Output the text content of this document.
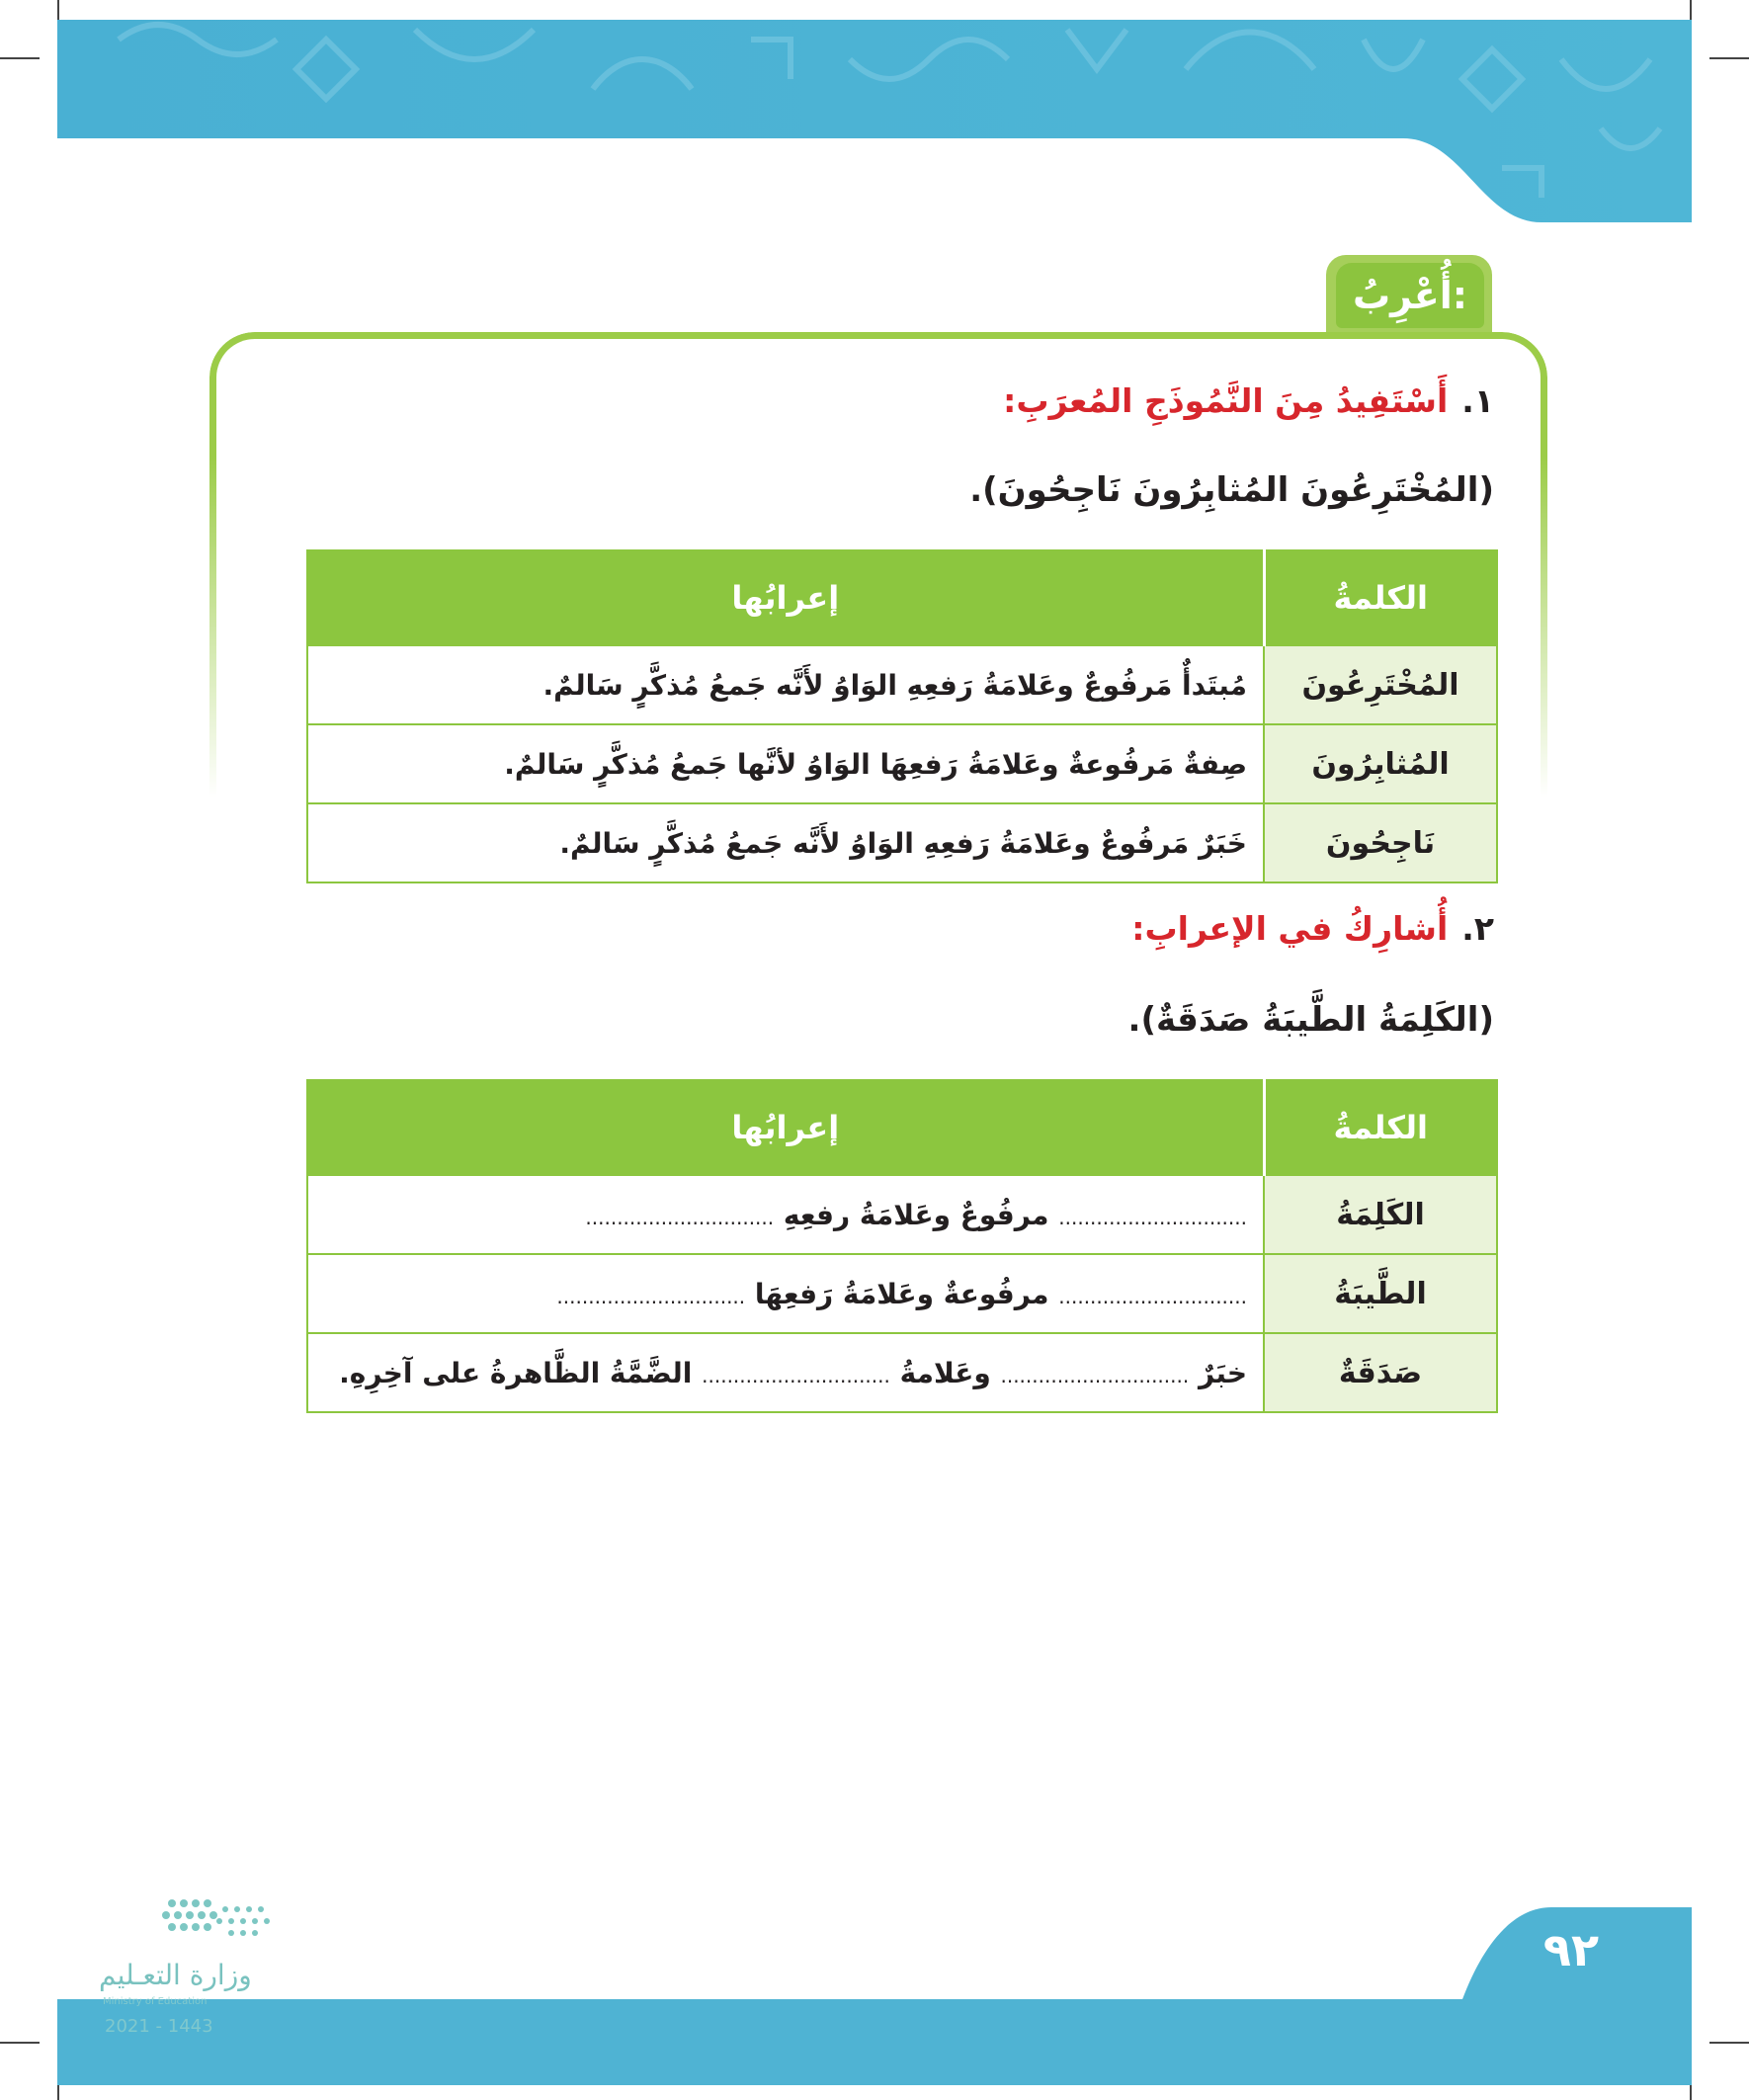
أُعْرِبُ:
١.أَسْتَفِيدُ مِنَ النَّمُوذَجِ المُعرَبِ:
(المُخْتَرِعُونَ المُثابِرُونَ نَاجِحُونَ).
الكلمةُ	إعرابُها
المُخْتَرِعُونَ	مُبتَدأٌ مَرفُوعٌ وعَلامَةُ رَفعِهِ الوَاوُ لأَنَّه جَمعُ مُذكَّرٍ سَالمٌ.
المُثابِرُونَ	صِفةٌ مَرفُوعةٌ وعَلامَةُ رَفعِهَا الوَاوُ لأنَّها جَمعُ مُذكَّرٍ سَالمٌ.
نَاجِحُونَ	خَبَرٌ مَرفُوعٌ وعَلامَةُ رَفعِهِ الوَاوُ لأَنَّه جَمعُ مُذكَّرٍ سَالمٌ.
٢.أُشارِكُ في الإعرابِ:
(الكَلِمَةُ الطَّيبَةُ صَدَقَةٌ).
الكلمةُ	إعرابُها
الكَلِمَةُ	.............................. مرفُوعٌ وعَلامَةُ رفعِهِ ..............................
الطَّيبَةُ	.............................. مرفُوعةٌ وعَلامَةُ رَفعِهَا ..............................
صَدَقَةٌ	خبَرٌ .............................. وعَلامةُ .............................. الضَّمَّةُ الظَّاهرةُ على آخِرِهِ.
٩٢
وزارة التعـليم
Ministry of Education
2021 - 1443
